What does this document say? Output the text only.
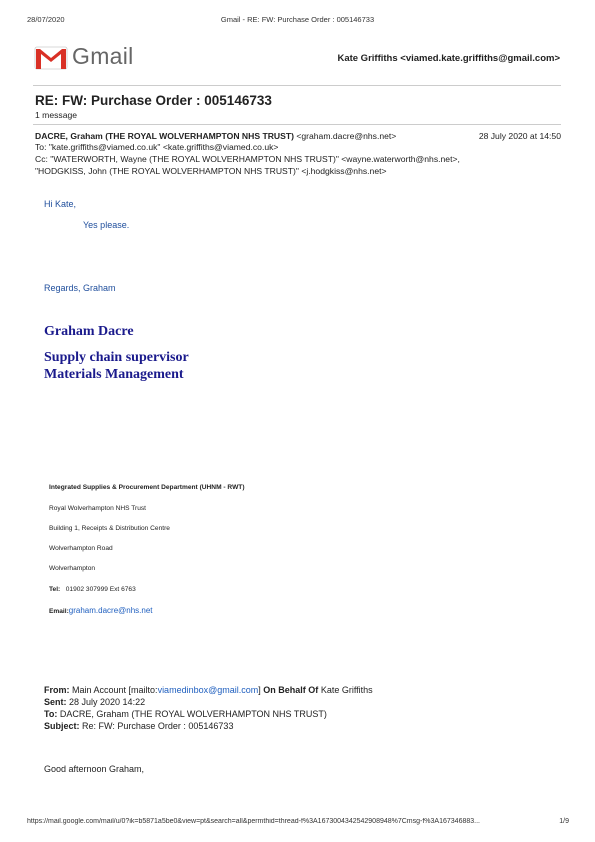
28/07/2020	Gmail - RE: FW: Purchase Order : 005146733
Gmail	Kate Griffiths <viamed.kate.griffiths@gmail.com>
RE: FW: Purchase Order : 005146733
1 message
DACRE, Graham (THE ROYAL WOLVERHAMPTON NHS TRUST) <graham.dacre@nhs.net>	28 July 2020 at 14:50
To: "kate.griffiths@viamed.co.uk" <kate.griffiths@viamed.co.uk>
Cc: "WATERWORTH, Wayne (THE ROYAL WOLVERHAMPTON NHS TRUST)" <wayne.waterworth@nhs.net>,
"HODGKISS, John (THE ROYAL WOLVERHAMPTON NHS TRUST)" <j.hodgkiss@nhs.net>
Hi Kate,
Yes please.
Regards, Graham
Graham Dacre
Supply chain supervisor
Materials Management
Integrated Supplies & Procurement Department (UHNM - RWT)
Royal Wolverhampton NHS Trust
Building 1, Receipts & Distribution Centre
Wolverhampton Road
Wolverhampton
Tel: 01902 307999 Ext 6763
Email:graham.dacre@nhs.net
From: Main Account [mailto:viamedinbox@gmail.com] On Behalf Of Kate Griffiths
Sent: 28 July 2020 14:22
To: DACRE, Graham (THE ROYAL WOLVERHAMPTON NHS TRUST)
Subject: Re: FW: Purchase Order : 005146733
Good afternoon Graham,
https://mail.google.com/mail/u/0?ik=b5871a5be0&view=pt&search=all&permthid=thread-f%3A1673004342542908948%7Cmsg-f%3A167346883...	1/9
